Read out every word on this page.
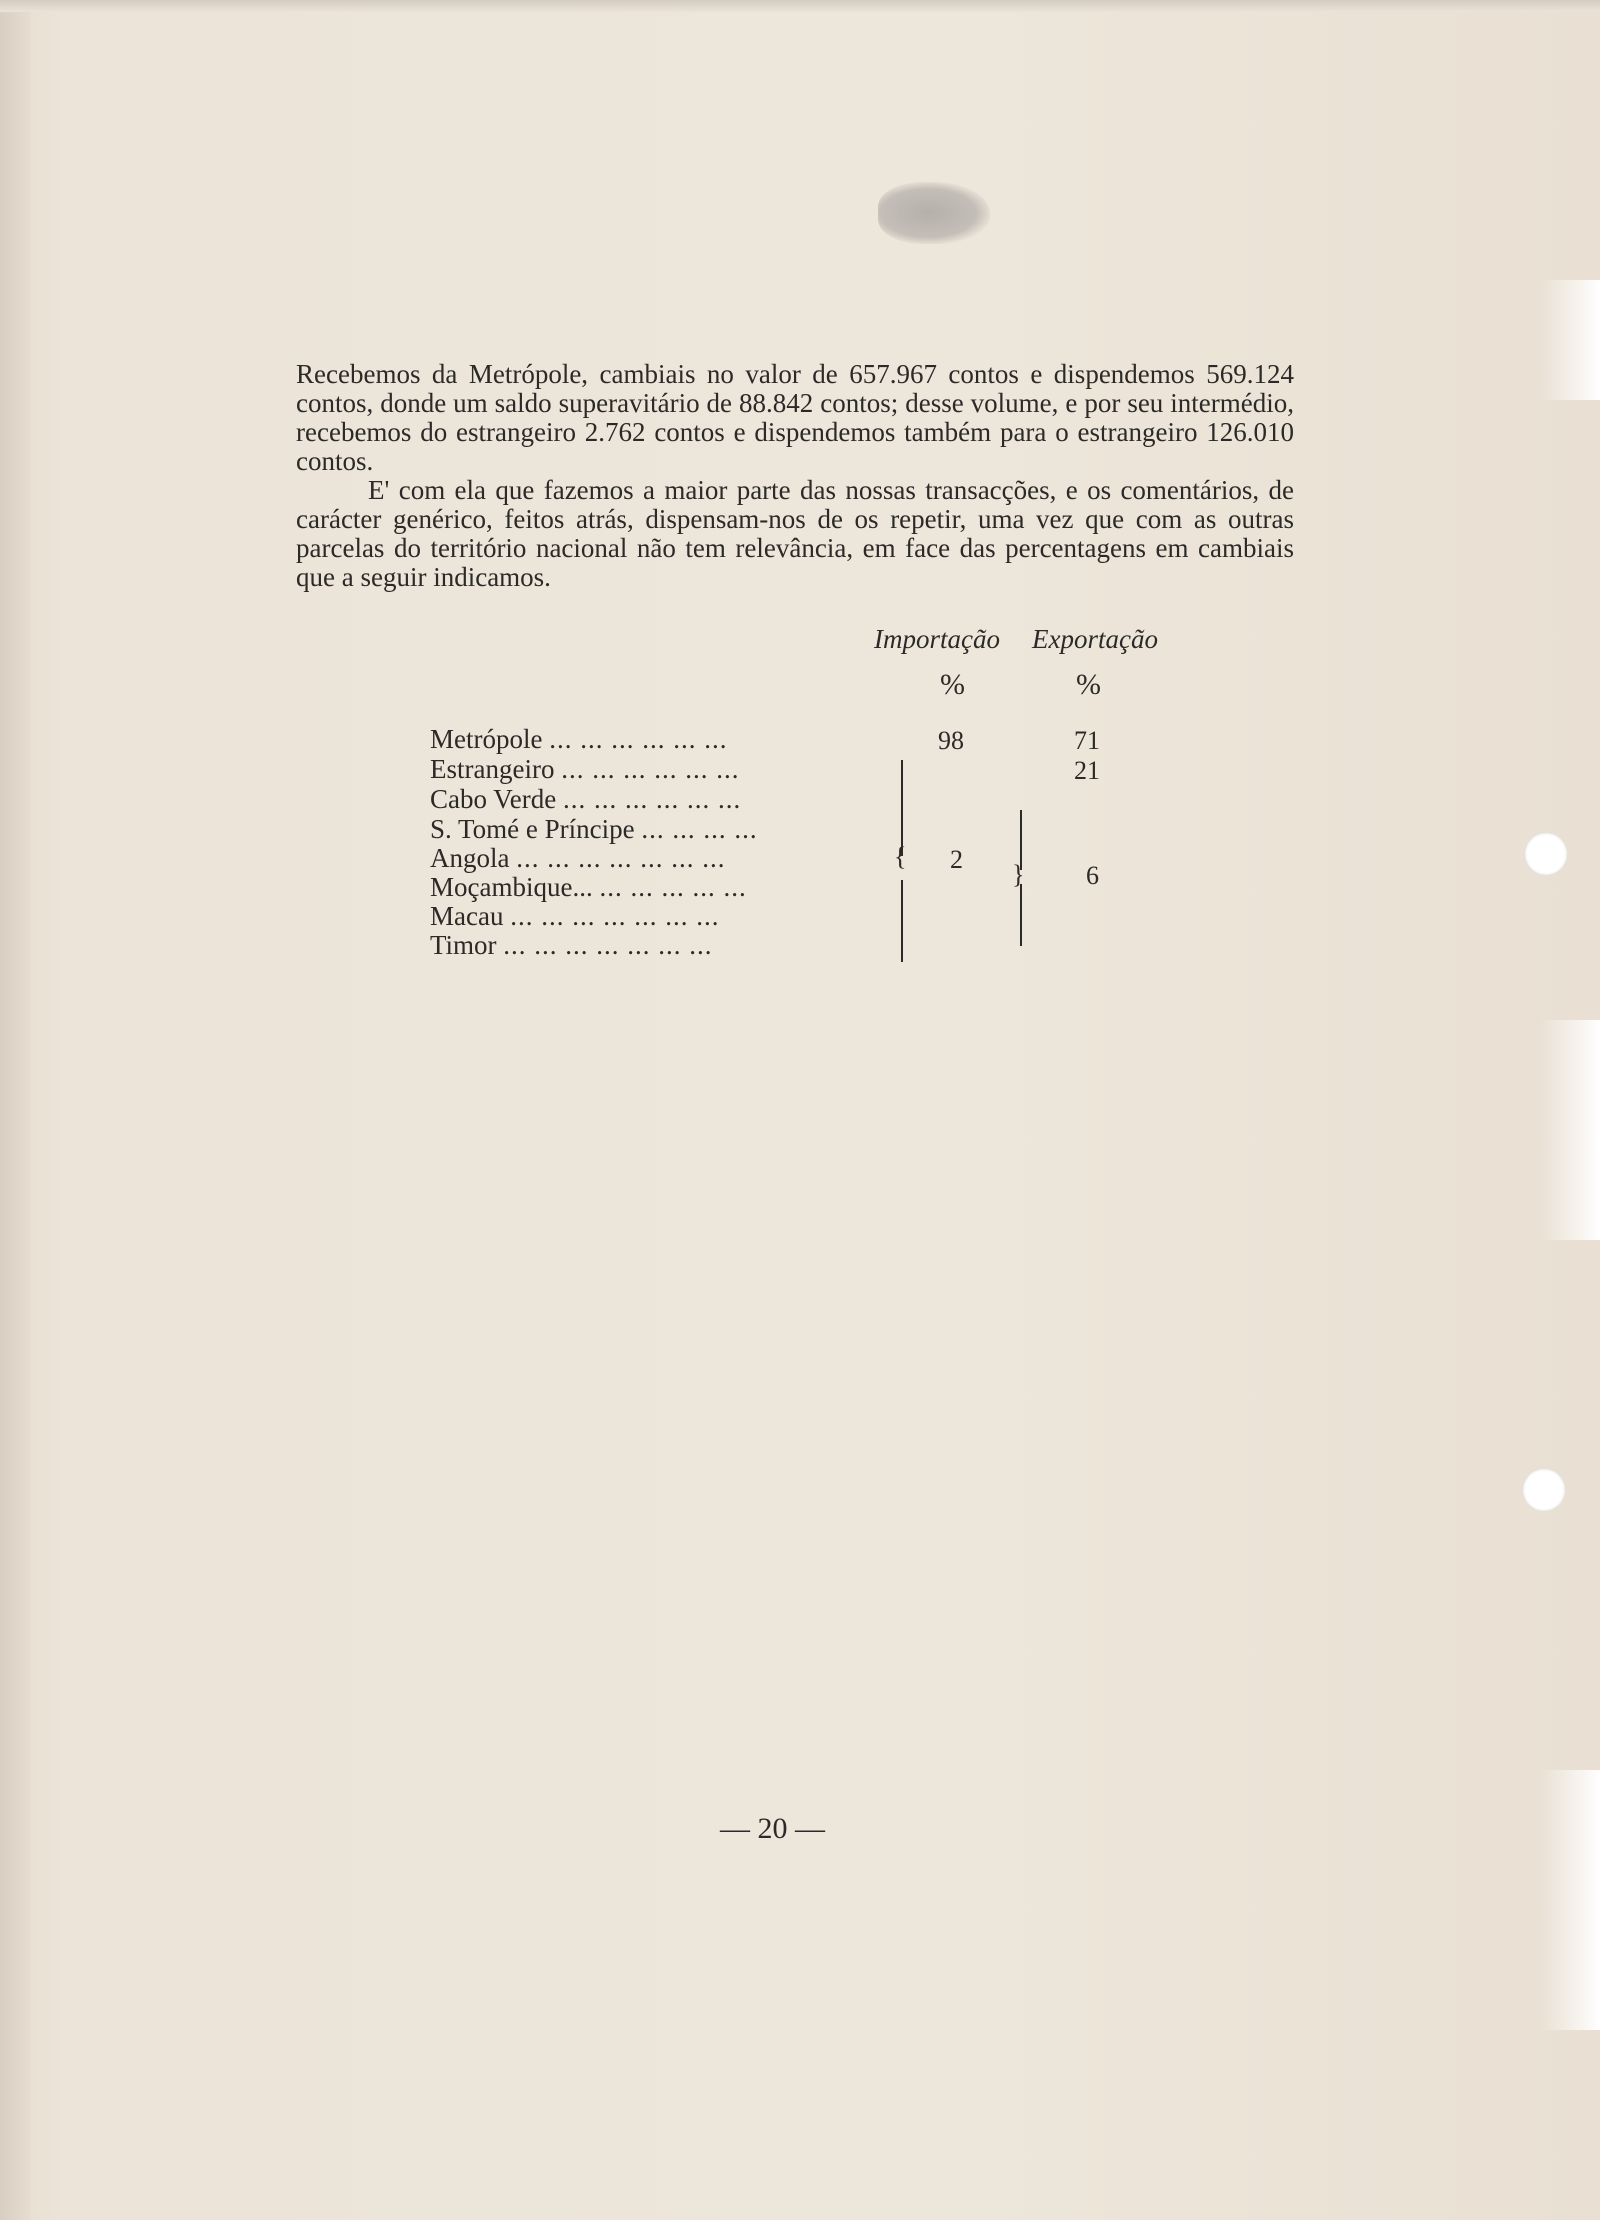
Recebemos da Metrópole, cambiais no valor de 657.967 contos e dispendemos 569.124 contos, donde um saldo superavitário de 88.842 contos; desse volume, e por seu intermédio, recebemos do estrangeiro 2.762 contos e dispendemos também para o estrangeiro 126.010 contos.

E' com ela que fazemos a maior parte das nossas transacções, e os comentários, de carácter genérico, feitos atrás, dispensam-nos de os repetir, uma vez que com as outras parcelas do território nacional não tem relevância, em face das percentagens em cambiais que a seguir indicamos.

Importação Exportação
%	%
Metrópole ... ... ... ... ... ...
Estrangeiro ... ... ... ... ... ...
Cabo Verde ... ... ... ... ... ...
S. Tomé e Príncipe ... ... ... ...
Angola ... ... ... ... ... ... ...
Moçambique... ... ... ... ... ...
Macau ... ... ... ... ... ... ...
Timor ... ... ... ... ... ... ...
98	71
21
{ 2
} 6
— 20 —
